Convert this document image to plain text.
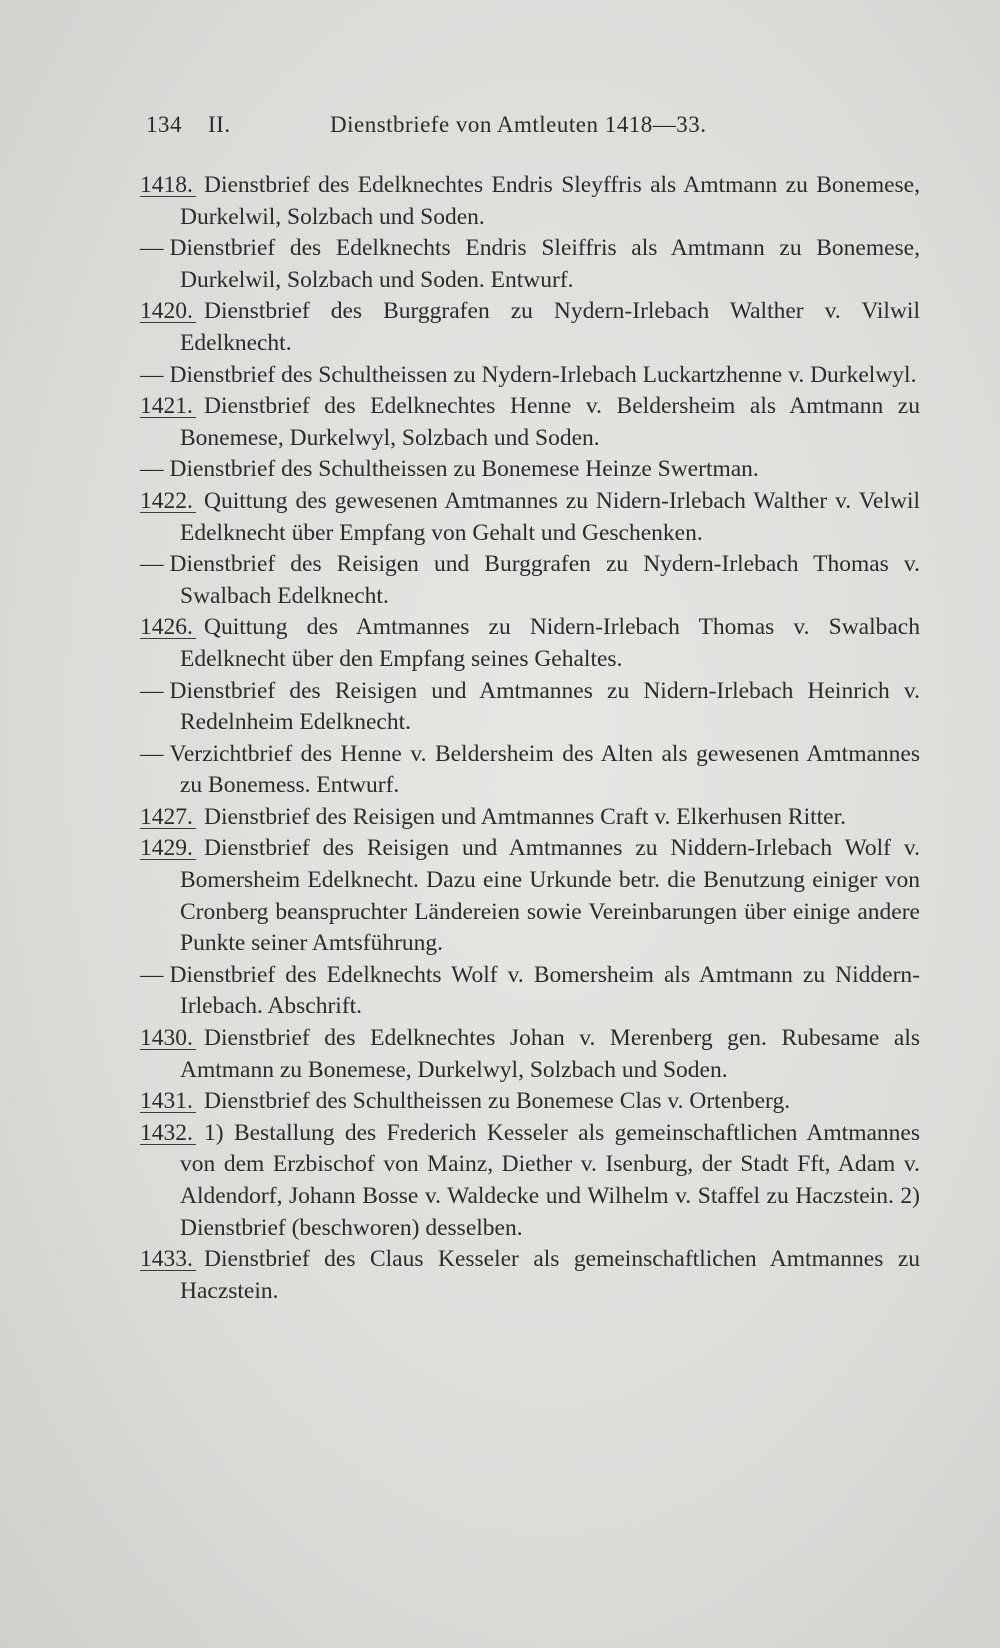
134 II.	Dienstbriefe von Amtleuten 1418—33.

1418. Dienstbrief des Edelknechtes Endris Sleyffris als Amtmann zu Bonemese, Durkelwil, Solzbach und Soden.

— Dienstbrief des Edelknechts Endris Sleiffris als Amtmann zu Bonemese, Durkelwil, Solzbach und Soden. Entwurf.

1420. Dienstbrief des Burggrafen zu Nydern-Irlebach Walther v. Vilwil Edelknecht.

— Dienstbrief des Schultheissen zu Nydern-Irlebach Luckartzhenne v. Durkelwyl.

1421. Dienstbrief des Edelknechtes Henne v. Beldersheim als Amtmann zu Bonemese, Durkelwyl, Solzbach und Soden.

— Dienstbrief des Schultheissen zu Bonemese Heinze Swertman.

1422. Quittung des gewesenen Amtmannes zu Nidern-Irlebach Walther v. Velwil Edelknecht über Empfang von Gehalt und Geschenken.

— Dienstbrief des Reisigen und Burggrafen zu Nydern-Irlebach Thomas v. Swalbach Edelknecht.

1426. Quittung des Amtmannes zu Nidern-Irlebach Thomas v. Swalbach Edelknecht über den Empfang seines Gehaltes.

— Dienstbrief des Reisigen und Amtmannes zu Nidern-Irlebach Heinrich v. Redelnheim Edelknecht.

— Verzichtbrief des Henne v. Beldersheim des Alten als gewesenen Amtmannes zu Bonemess. Entwurf.

1427. Dienstbrief des Reisigen und Amtmannes Craft v. Elkerhusen Ritter.

1429. Dienstbrief des Reisigen und Amtmannes zu Niddern-Irlebach Wolf v. Bomersheim Edelknecht. Dazu eine Urkunde betr. die Benutzung einiger von Cronberg beanspruchter Ländereien sowie Vereinbarungen über einige andere Punkte seiner Amtsführung.

— Dienstbrief des Edelknechts Wolf v. Bomersheim als Amtmann zu Niddern-Irlebach. Abschrift.

1430. Dienstbrief des Edelknechtes Johan v. Merenberg gen. Rubesame als Amtmann zu Bonemese, Durkelwyl, Solzbach und Soden.

1431. Dienstbrief des Schultheissen zu Bonemese Clas v. Ortenberg.

1432. 1) Bestallung des Frederich Kesseler als gemeinschaftlichen Amtmannes von dem Erzbischof von Mainz, Diether v. Isenburg, der Stadt Fft, Adam v. Aldendorf, Johann Bosse v. Waldecke und Wilhelm v. Staffel zu Haczstein. 2) Dienstbrief (beschworen) desselben.

1433. Dienstbrief des Claus Kesseler als gemeinschaftlichen Amtmannes zu Haczstein.
